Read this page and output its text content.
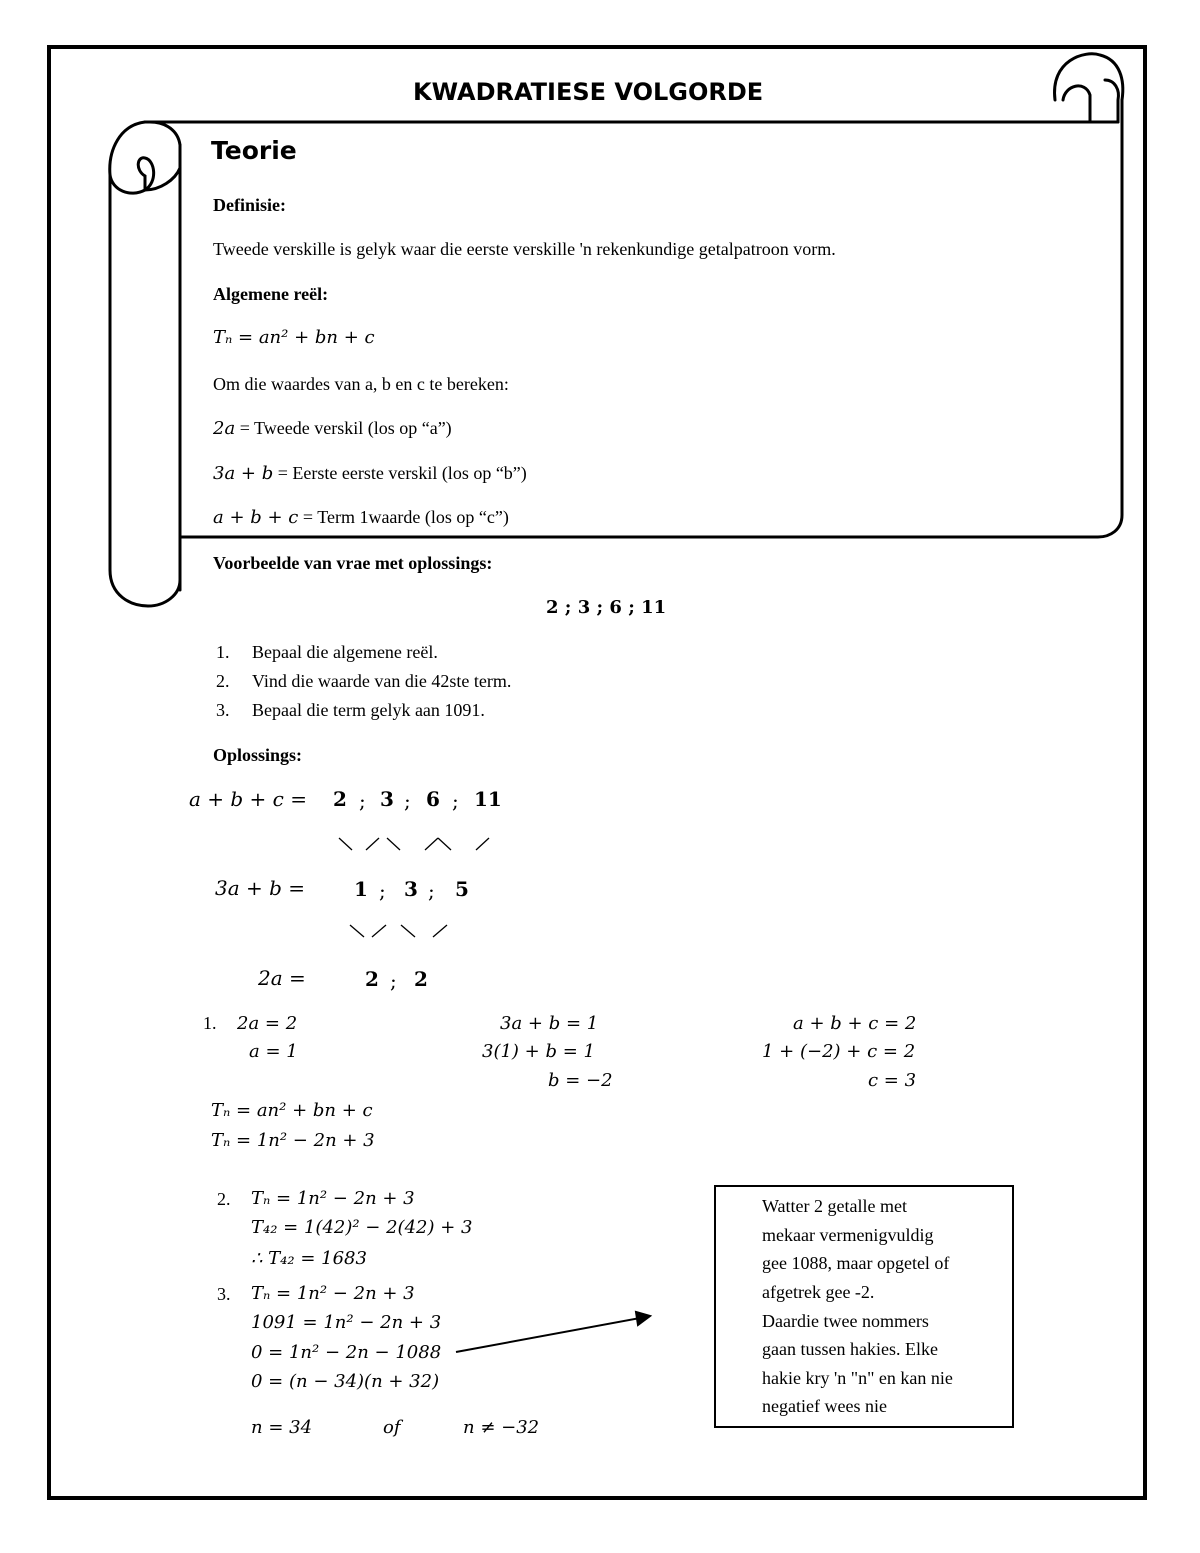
KWADRATIESE VOLGORDE
Teorie
Definisie:
Tweede verskille is gelyk waar die eerste verskille 'n rekenkundige getalpatroon vorm.
Algemene reël:
Tₙ = an² + bn + c
Om die waardes van a, b en c te bereken:
2a = Tweede verskil (los op “a”)
3a + b = Eerste eerste verskil (los op “b”)
a + b + c = Term 1waarde (los op “c”)
Voorbeelde van vrae met oplossings:
2 ; 3 ; 6 ; 11
1. Bepaal die algemene reël.
2. Vind die waarde van die 42ste term.
3. Bepaal die term gelyk aan 1091.
Oplossings:
a + b + c = 2 ; 3 ; 6 ; 11
3a + b = 1 ; 3 ; 5
2a =	2 ; 2
1. 2a = 2
a = 1
3a + b = 1
3(1) + b = 1
b = −2
a + b + c = 2
1 + (−2) + c = 2
c = 3
Tₙ = an² + bn + c
Tₙ = 1n² − 2n + 3
2. Tₙ = 1n² − 2n + 3
T₄₂ = 1(42)² − 2(42) + 3
∴ T₄₂ = 1683
3. Tₙ = 1n² − 2n + 3
1091 = 1n² − 2n + 3
0 = 1n² − 2n − 1088
0 = (n − 34)(n + 32)
n = 34	of	n ≠ −32
Watter 2 getalle met
mekaar vermenigvuldig
gee 1088, maar opgetel of
afgetrek gee -2.
Daardie twee nommers
gaan tussen hakies. Elke
hakie kry 'n "n" en kan nie
negatief wees nie
